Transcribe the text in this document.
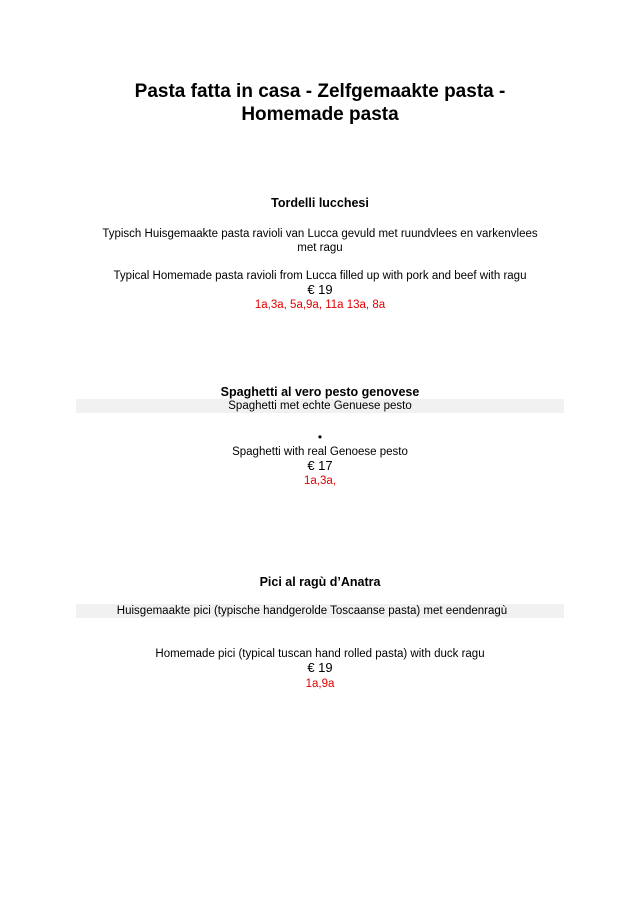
Pasta fatta in casa - Zelfgemaakte pasta -
Homemade pasta
Tordelli lucchesi
Typisch Huisgemaakte pasta ravioli van Lucca gevuld met ruundvlees en varkenvlees
met ragu
Typical Homemade pasta ravioli from Lucca filled up with pork and beef with ragu
€ 19
1a,3a, 5a,9a, 11a 13a, 8a
Spaghetti al vero pesto genovese
Spaghetti met echte Genuese pesto
•
Spaghetti with real Genoese pesto
€ 17
1a,3a,
Pici al ragù d’Anatra
Huisgemaakte pici (typische handgerolde Toscaanse pasta) met eendenragù
Homemade pici (typical tuscan hand rolled pasta) with duck ragu
€ 19
1a,9a
